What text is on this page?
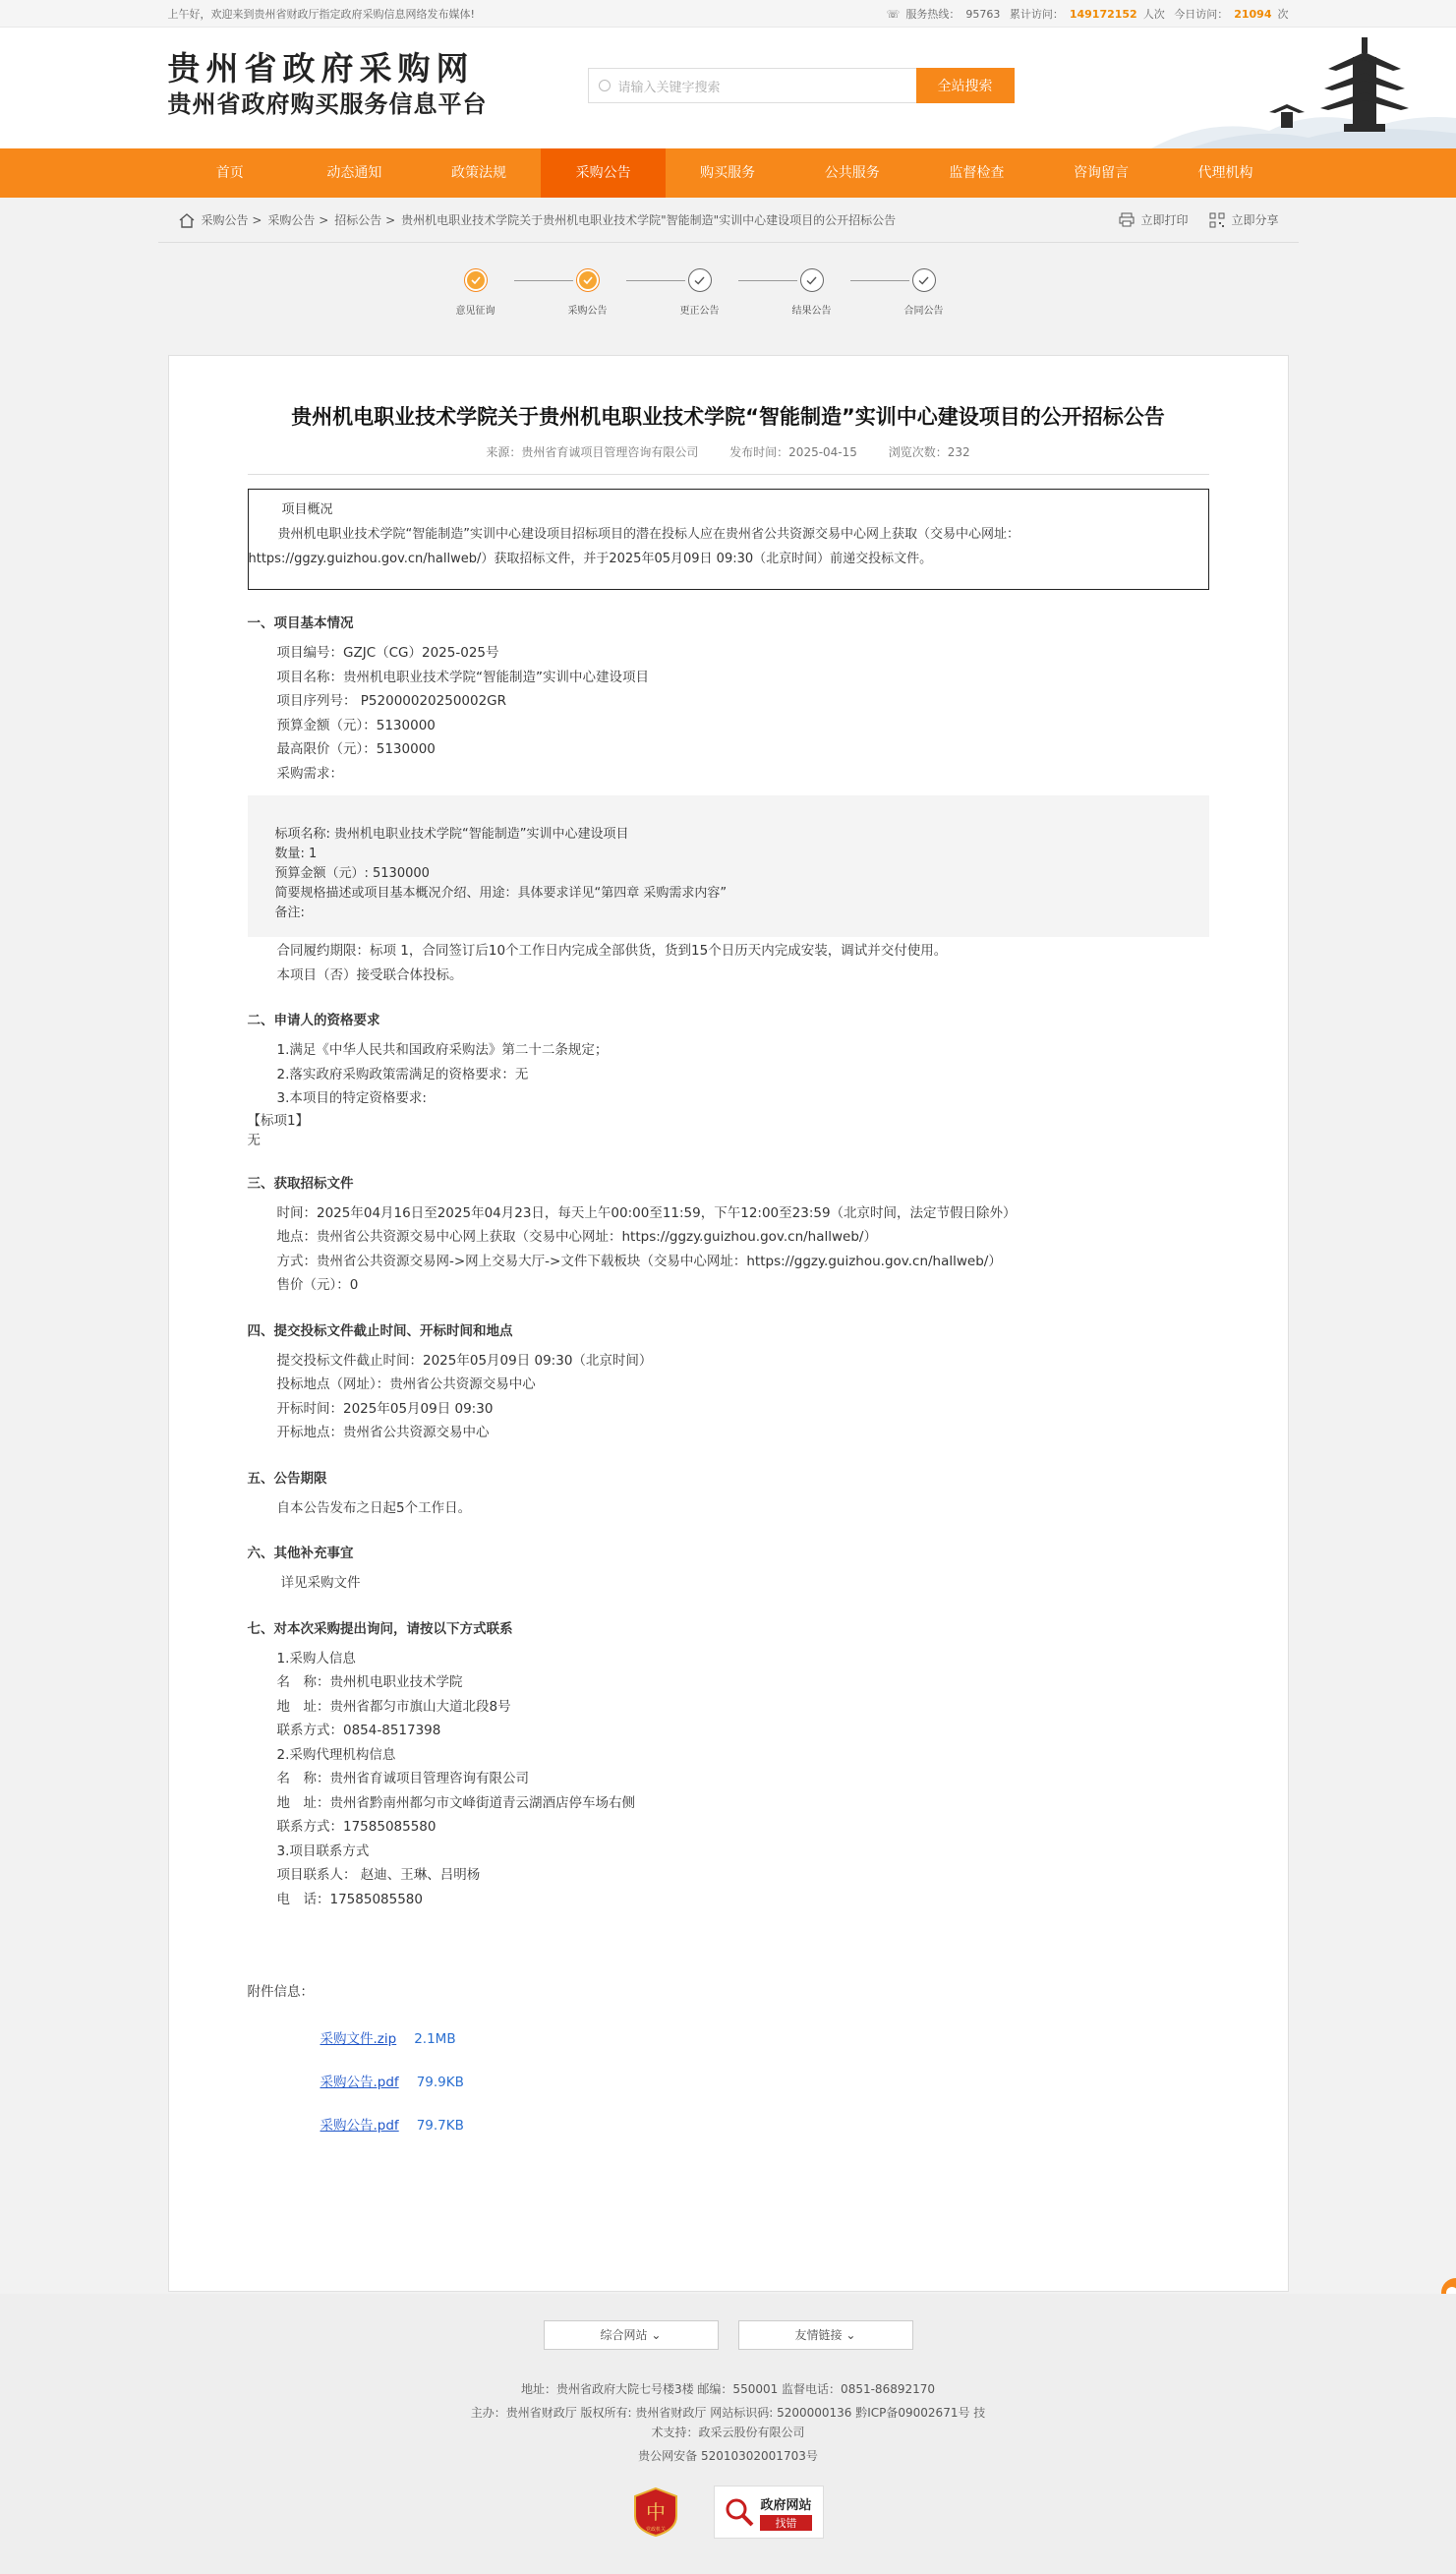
上午好，欢迎来到贵州省财政厅指定政府采购信息网络发布媒体!	☏ 服务热线： 95763 累计访问： 149172152 人次 今日访问： 21094 次
贵州省政府采购网
贵州省政府购买服务信息平台
请输入关键字搜索	全站搜索
首页	动态通知	政策法规	采购公告	购买服务	公共服务	监督检查	咨询留言	代理机构
采购公告 > 采购公告 > 招标公告 > 贵州机电职业技术学院关于贵州机电职业技术学院"智能制造"实训中心建设项目的公开招标公告	立即打印	立即分享
意见征询	采购公告	更正公告	结果公告	合同公告
贵州机电职业技术学院关于贵州机电职业技术学院“智能制造”实训中心建设项目的公开招标公告
来源：贵州省育诚项目管理咨询有限公司	发布时间：2025-04-15	浏览次数：232
项目概况
贵州机电职业技术学院“智能制造”实训中心建设项目招标项目的潜在投标人应在贵州省公共资源交易中心网上获取（交易中心网址：https://ggzy.guizhou.gov.cn/hallweb/）获取招标文件，并于2025年05月09日 09:30（北京时间）前递交投标文件。
一、项目基本情况
项目编号：GZJC（CG）2025-025号
项目名称：贵州机电职业技术学院“智能制造”实训中心建设项目
项目序列号： P52000020250002GR
预算金额（元）：5130000
最高限价（元）：5130000
采购需求：
标项名称: 贵州机电职业技术学院“智能制造”实训中心建设项目
数量: 1
预算金额（元）: 5130000
简要规格描述或项目基本概况介绍、用途：具体要求详见“第四章 采购需求内容”
备注:
合同履约期限：标项 1，合同签订后10个工作日内完成全部供货，货到15个日历天内完成安装，调试并交付使用。
本项目（否）接受联合体投标。
二、申请人的资格要求
1.满足《中华人民共和国政府采购法》第二十二条规定；
2.落实政府采购政策需满足的资格要求：无
3.本项目的特定资格要求:
【标项1】
无
三、获取招标文件
时间：2025年04月16日至2025年04月23日，每天上午00:00至11:59，下午12:00至23:59（北京时间，法定节假日除外）
地点：贵州省公共资源交易中心网上获取（交易中心网址：https://ggzy.guizhou.gov.cn/hallweb/）
方式：贵州省公共资源交易网->网上交易大厅->文件下载板块（交易中心网址：https://ggzy.guizhou.gov.cn/hallweb/）
售价（元）：0
四、提交投标文件截止时间、开标时间和地点
提交投标文件截止时间：2025年05月09日 09:30（北京时间）
投标地点（网址）：贵州省公共资源交易中心
开标时间：2025年05月09日 09:30
开标地点：贵州省公共资源交易中心
五、公告期限
自本公告发布之日起5个工作日。
六、其他补充事宜
详见采购文件
七、对本次采购提出询问，请按以下方式联系
1.采购人信息
名　称：贵州机电职业技术学院
地　址：贵州省都匀市旗山大道北段8号
联系方式：0854-8517398
2.采购代理机构信息
名　称：贵州省育诚项目管理咨询有限公司
地　址：贵州省黔南州都匀市文峰街道青云湖酒店停车场右侧
联系方式：17585085580
3.项目联系方式
项目联系人： 赵迪、王琳、吕明杨
电　话：17585085580
附件信息：
采购文件.zip 2.1MB
采购公告.pdf 79.9KB
采购公告.pdf 79.7KB
综合网站 ⌄	友情链接 ⌄
地址：贵州省政府大院七号楼3楼 邮编：550001 监督电话：0851-86892170
主办：贵州省财政厅 版权所有: 贵州省财政厅 网站标识码: 5200000136 黔ICP备09002671号 技
术支持：政采云股份有限公司
贵公网安备 52010302001703号
中
党政机关
政府网站
找错
